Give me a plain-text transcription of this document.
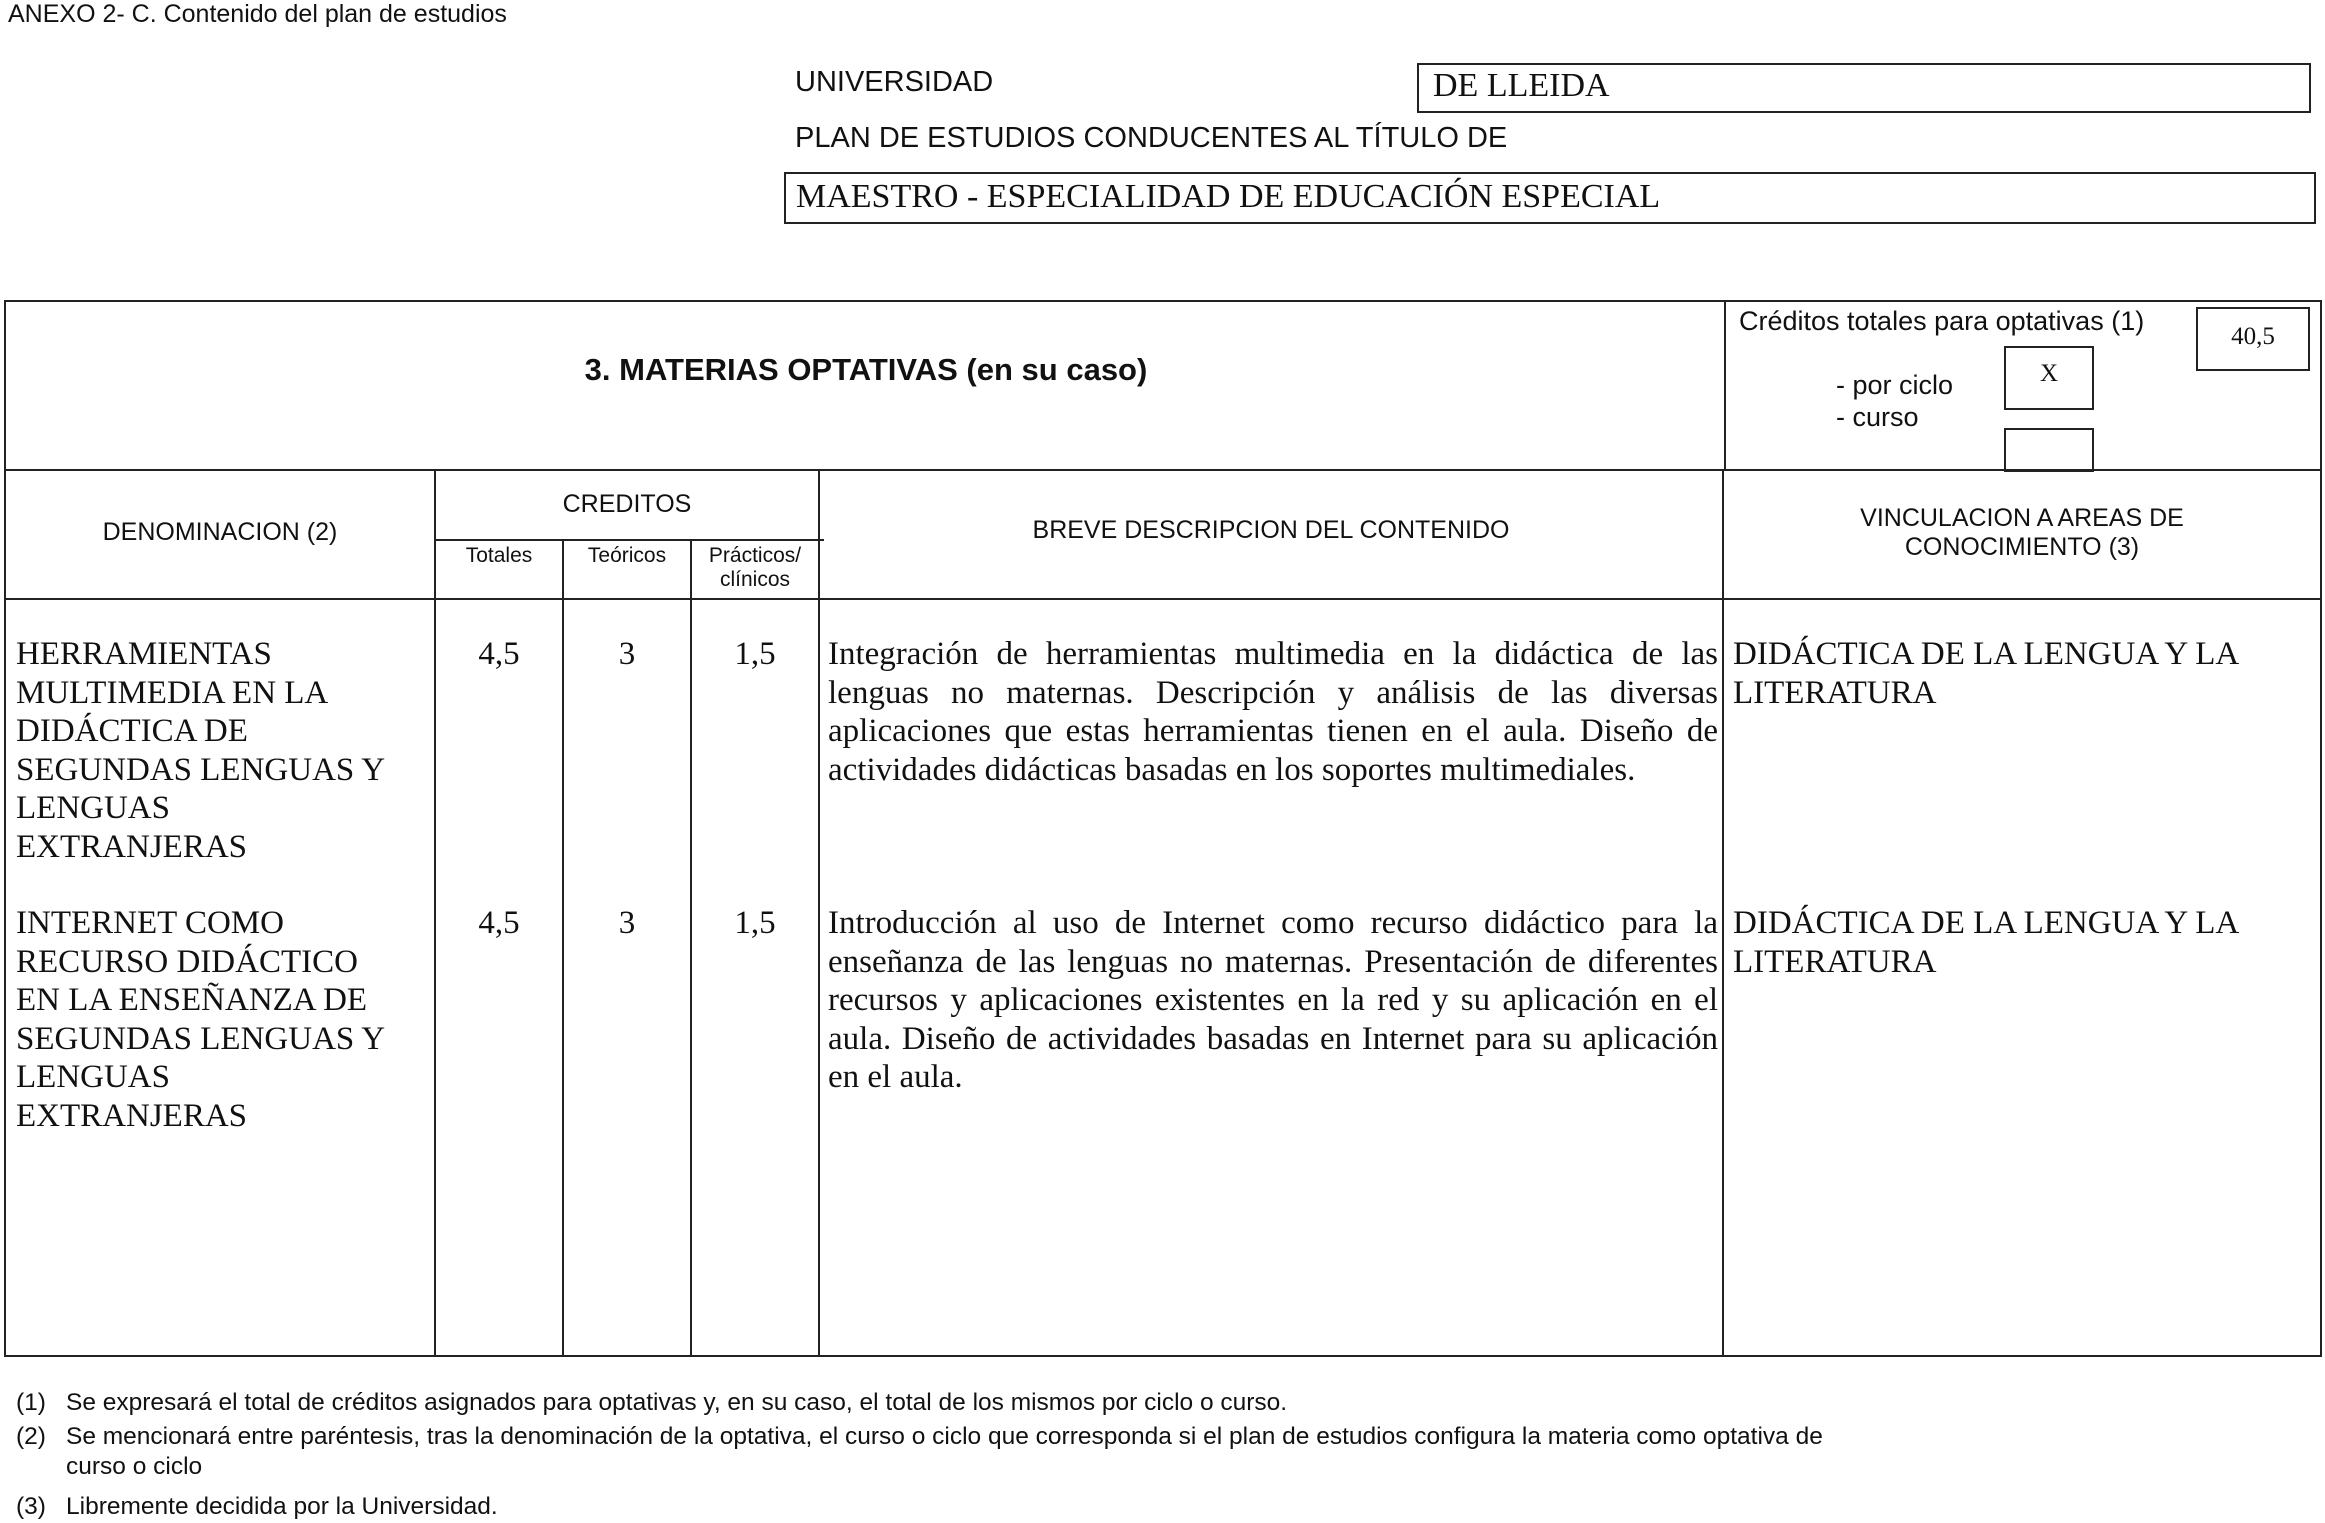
ANEXO 2- C. Contenido del plan de estudios
UNIVERSIDAD	DE LLEIDA
PLAN DE ESTUDIOS CONDUCENTES AL TÍTULO DE
MAESTRO - ESPECIALIDAD DE EDUCACIÓN ESPECIAL
3. MATERIAS OPTATIVAS (en su caso)
Créditos totales para optativas (1)
40,5
- por ciclo	X
- curso
DENOMINACION (2)
CREDITOS
Totales	Teóricos	Prácticos/
clínicos
BREVE DESCRIPCION DEL CONTENIDO	VINCULACION A AREAS DE
CONOCIMIENTO (3)
HERRAMIENTAS
MULTIMEDIA EN LA
DIDÁCTICA DE
SEGUNDAS LENGUAS Y
LENGUAS
EXTRANJERAS
4,5	3	1,5	Integración de herramientas multimedia en la didáctica de las lenguas no maternas. Descripción y análisis de las diversas aplicaciones que estas herramientas tienen en el aula. Diseño de actividades didácticas basadas en los soportes multimediales.
DIDÁCTICA DE LA LENGUA Y LA
LITERATURA
INTERNET COMO
RECURSO DIDÁCTICO
EN LA ENSEÑANZA DE
SEGUNDAS LENGUAS Y
LENGUAS
EXTRANJERAS
4,5	3	1,5	Introducción al uso de Internet como recurso didáctico para la enseñanza de las lenguas no maternas. Presentación de diferentes recursos y aplicaciones existentes en la red y su aplicación en el aula. Diseño de actividades basadas en Internet para su aplicación en el aula.
DIDÁCTICA DE LA LENGUA Y LA
LITERATURA
(1) Se expresará el total de créditos asignados para optativas y, en su caso, el total de los mismos por ciclo o curso.
(2) Se mencionará entre paréntesis, tras la denominación de la optativa, el curso o ciclo que corresponda si el plan de estudios configura la materia como optativa de
curso o ciclo
(3) Libremente decidida por la Universidad.
